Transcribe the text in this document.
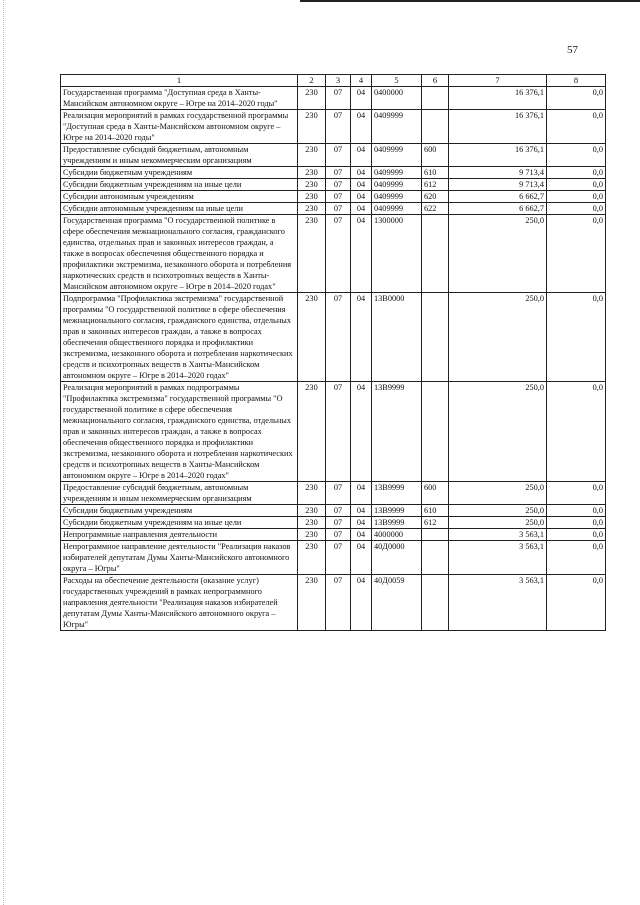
57
1	2	3	4	5	6	7	8
Государственная программа "Доступная среда в Ханты-Мансийском автономном округе – Югре на 2014–2020 годы"	230	07	04	0400000		16 376,1	0,0
Реализация мероприятий в рамках государственной программы "Доступная среда в Ханты-Мансийском автономном округе – Югре на 2014–2020 годы"	230	07	04	0409999		16 376,1	0,0
Предоставление субсидий бюджетным, автономным учреждениям и иным некоммерческим организациям	230	07	04	0409999	600	16 376,1	0,0
Субсидии бюджетным учреждениям	230	07	04	0409999	610	9 713,4	0,0
Субсидии бюджетным учреждениям на иные цели	230	07	04	0409999	612	9 713,4	0,0
Субсидии автономным учреждениям	230	07	04	0409999	620	6 662,7	0,0
Субсидии автономным учреждениям на иные цели	230	07	04	0409999	622	6 662,7	0,0
Государственная программа "О государственной политике в сфере обеспечения межнационального согласия, гражданского единства, отдельных прав и законных интересов граждан, а также в вопросах обеспечения общественного порядка и профилактики экстремизма, незаконного оборота и потребления наркотических средств и психотропных веществ в Ханты-Мансийском автономном округе – Югре в 2014–2020 годах"	230	07	04	1300000		250,0	0,0
Подпрограмма "Профилактика экстремизма" государственной программы "О государственной политике в сфере обеспечения межнационального согласия, гражданского единства, отдельных прав и законных интересов граждан, а также в вопросах обеспечения общественного порядка и профилактики экстремизма, незаконного оборота и потребления наркотических средств и психотропных веществ в Ханты-Мансийском автономном округе – Югре в 2014–2020 годах"	230	07	04	13В0000		250,0	0,0
Реализация мероприятий в рамках подпрограммы "Профилактика экстремизма" государственной программы "О государственной политике в сфере обеспечения межнационального согласия, гражданского единства, отдельных прав и законных интересов граждан, а также в вопросах обеспечения общественного порядка и профилактики экстремизма, незаконного оборота и потребления наркотических средств и психотропных веществ в Ханты-Мансийском автономном округе – Югре в 2014–2020 годах"	230	07	04	13В9999		250,0	0,0
Предоставление субсидий бюджетным, автономным учреждениям и иным некоммерческим организациям	230	07	04	13В9999	600	250,0	0,0
Субсидии бюджетным учреждениям	230	07	04	13В9999	610	250,0	0,0
Субсидии бюджетным учреждениям на иные цели	230	07	04	13В9999	612	250,0	0,0
Непрограммные направления деятельности	230	07	04	4000000		3 563,1	0,0
Непрограммное направление деятельности "Реализация наказов избирателей депутатам Думы Ханты-Мансийского автономного округа – Югры"	230	07	04	40Д0000		3 563,1	0,0
Расходы на обеспечение деятельности (оказание услуг) государственных учреждений в рамках непрограммного направления деятельности "Реализация наказов избирателей депутатам Думы Ханты-Мансийского автономного округа – Югры"	230	07	04	40Д0059		3 563,1	0,0
